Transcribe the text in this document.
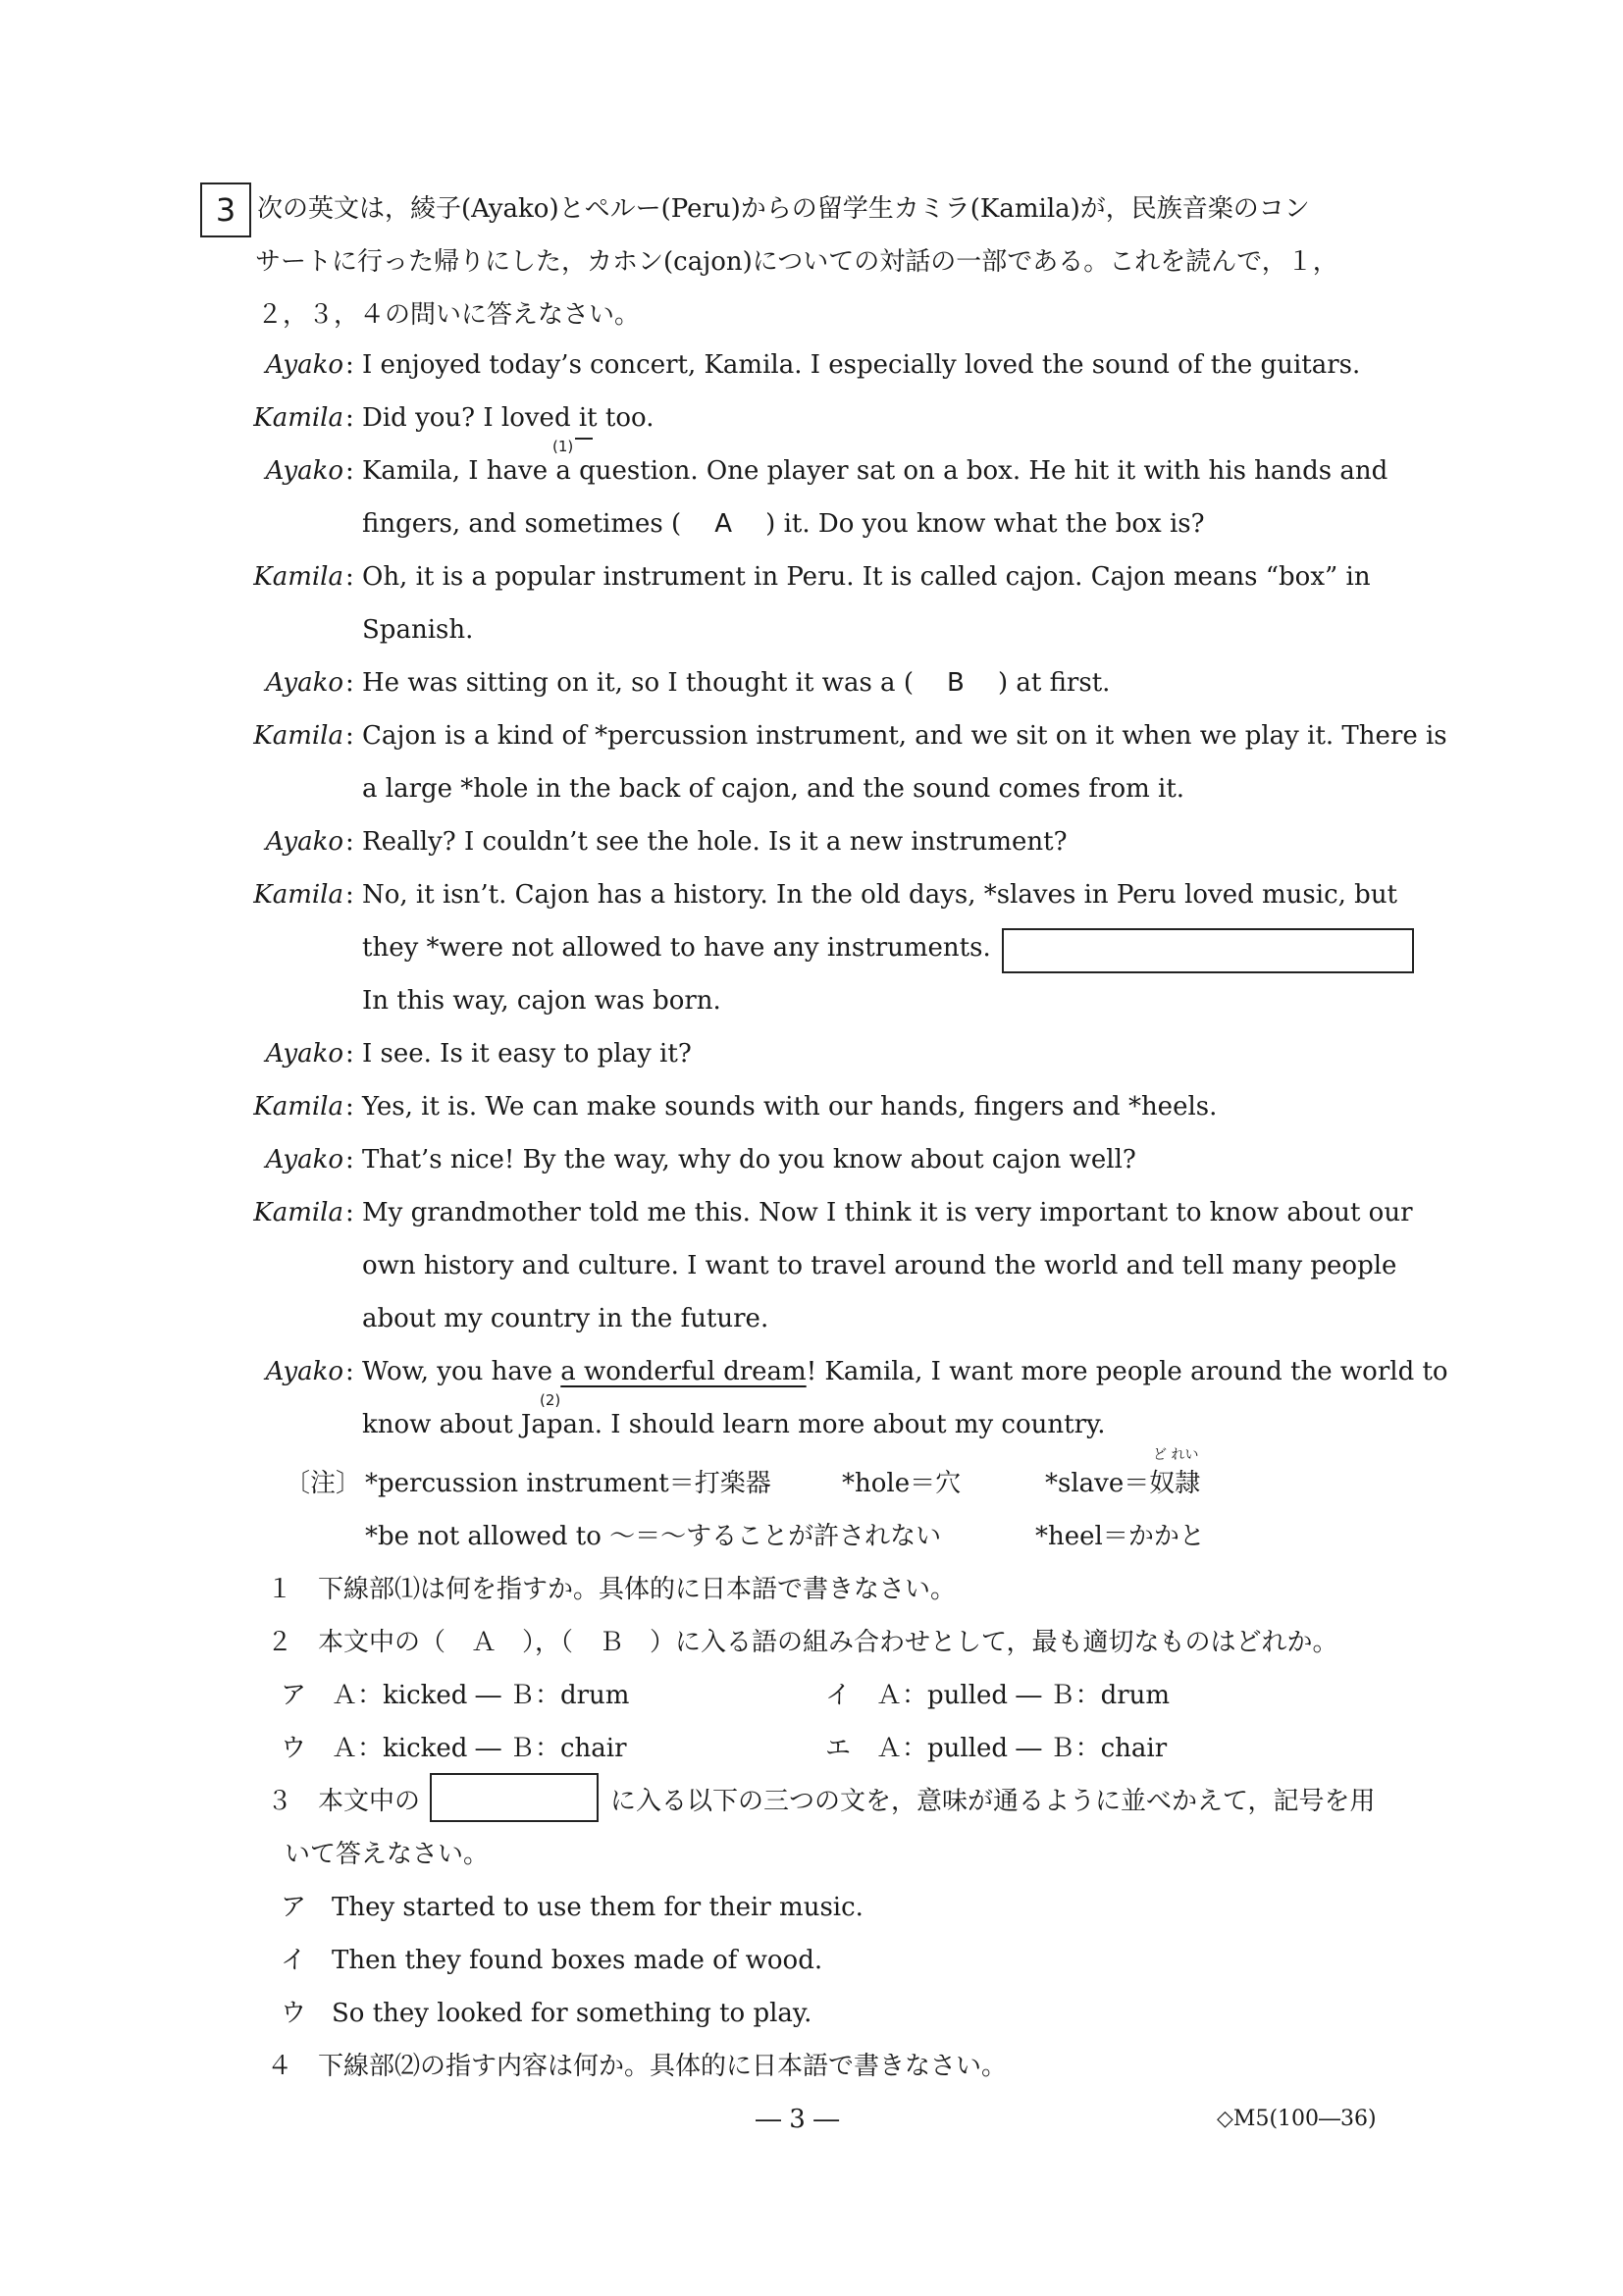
3 次の英文は，綾子(Ayako)とペルー(Peru)からの留学生カミラ(Kamila)が，民族音楽のコン
サートに行った帰りにした，カホン(cajon)についての対話の一部である。これを読んで，１，
２，３，４の問いに答えなさい。
Ayako : I enjoyed today’s concert, Kamila. I especially loved the sound of the guitars.
Kamila : Did you? I loved it too.
(1)
Ayako : Kamila, I have a question. One player sat on a box. He hit it with his hands and
fingers, and sometimes ( A ) it. Do you know what the box is?
Kamila : Oh, it is a popular instrument in Peru. It is called cajon. Cajon means “box” in
Spanish.
Ayako : He was sitting on it, so I thought it was a ( B ) at first.
Kamila : Cajon is a kind of *percussion instrument, and we sit on it when we play it. There is
a large *hole in the back of cajon, and the sound comes from it.
Ayako : Really? I couldn’t see the hole. Is it a new instrument?
Kamila : No, it isn’t. Cajon has a history. In the old days, *slaves in Peru loved music, but
they *were not allowed to have any instruments.
In this way, cajon was born.
Ayako : I see. Is it easy to play it?
Kamila : Yes, it is. We can make sounds with our hands, fingers and *heels.
Ayako : That’s nice! By the way, why do you know about cajon well?
Kamila : My grandmother told me this. Now I think it is very important to know about our
own history and culture. I want to travel around the world and tell many people
about my country in the future.
Ayako : Wow, you have a wonderful dream! Kamila, I want more people around the world to
(2)
know about Japan. I should learn more about my country.
〔注〕 *percussion instrument＝打楽器	*hole＝穴	*slave＝奴隷
ど れい
*be not allowed to ～＝～することが許されない	*heel＝かかと
１　下線部⑴は何を指すか。具体的に日本語で書きなさい。
２　本文中の（　Ａ　），（　Ｂ　）に入る語の組み合わせとして，最も適切なものはどれか。
ア　Ａ：kicked ― Ｂ：drum	イ　Ａ：pulled ― Ｂ：drum
ウ　Ａ：kicked ― Ｂ：chair	エ　Ａ：pulled ― Ｂ：chair
３　本文中の	に入る以下の三つの文を，意味が通るように並べかえて，記号を用
いて答えなさい。
ア　They started to use them for their music.
イ　Then they found boxes made of wood.
ウ　So they looked for something to play.
４　下線部⑵の指す内容は何か。具体的に日本語で書きなさい。
― 3 ―	◇M5(100―36)
